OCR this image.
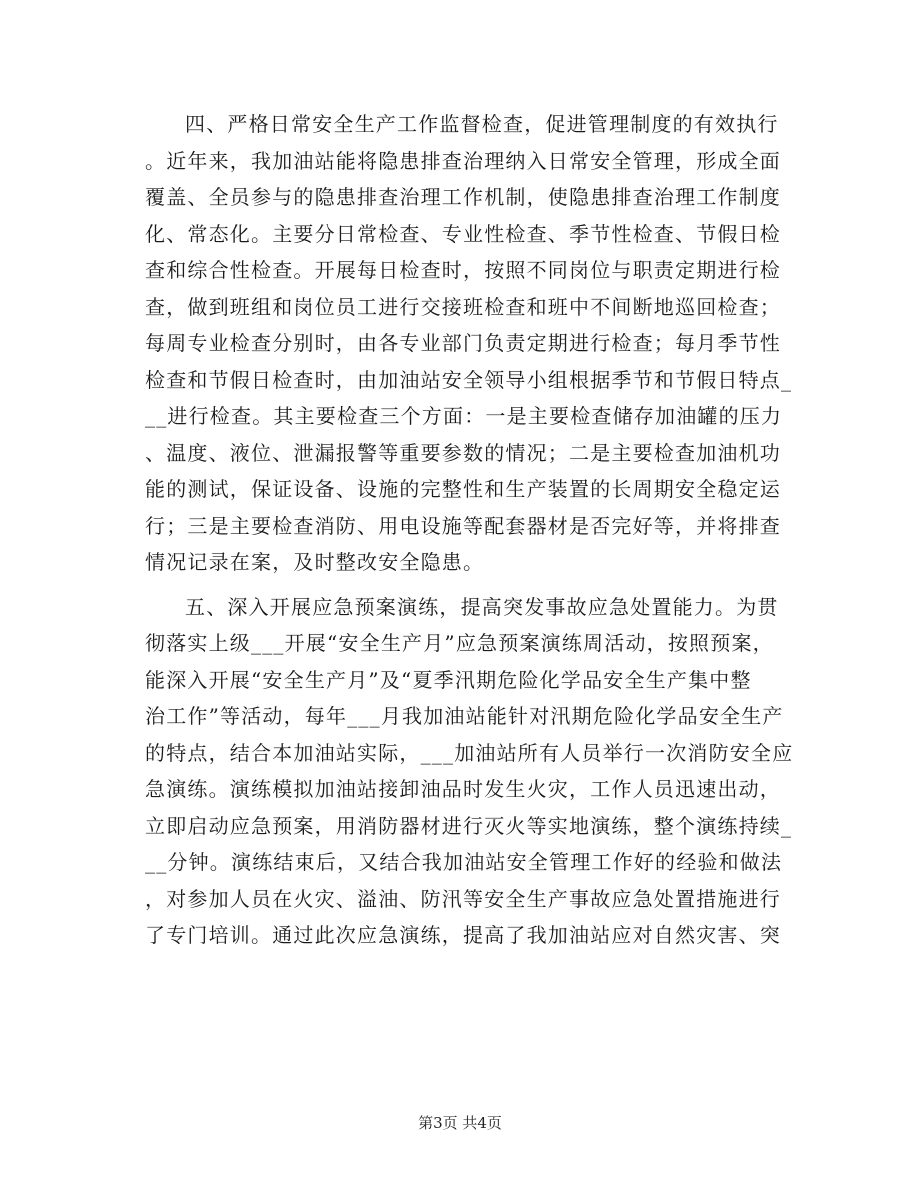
四、严格日常安全生产工作监督检查，促进管理制度的有效执行
。近年来，我加油站能将隐患排查治理纳入日常安全管理，形成全面
覆盖、全员参与的隐患排查治理工作机制，使隐患排查治理工作制度
化、常态化。主要分日常检查、专业性检查、季节性检查、节假日检
查和综合性检查。开展每日检查时，按照不同岗位与职责定期进行检
查，做到班组和岗位员工进行交接班检查和班中不间断地巡回检查；
每周专业检查分别时，由各专业部门负责定期进行检查；每月季节性
检查和节假日检查时，由加油站安全领导小组根据季节和节假日特点_
__进行检查。其主要检查三个方面：一是主要检查储存加油罐的压力
、温度、液位、泄漏报警等重要参数的情况；二是主要检查加油机功
能的测试，保证设备、设施的完整性和生产装置的长周期安全稳定运
行；三是主要检查消防、用电设施等配套器材是否完好等，并将排查
情况记录在案，及时整改安全隐患。
五、深入开展应急预案演练，提高突发事故应急处置能力。为贯
彻落实上级___开展“安全生产月”应急预案演练周活动，按照预案，
能深入开展“安全生产月”及“夏季汛期危险化学品安全生产集中整
治工作”等活动，每年___月我加油站能针对汛期危险化学品安全生产
的特点，结合本加油站实际，___加油站所有人员举行一次消防安全应
急演练。演练模拟加油站接卸油品时发生火灾，工作人员迅速出动，
立即启动应急预案，用消防器材进行灭火等实地演练，整个演练持续_
__分钟。演练结束后，又结合我加油站安全管理工作好的经验和做法
，对参加人员在火灾、溢油、防汛等安全生产事故应急处置措施进行
了专门培训。通过此次应急演练，提高了我加油站应对自然灾害、突
第3页 共4页
